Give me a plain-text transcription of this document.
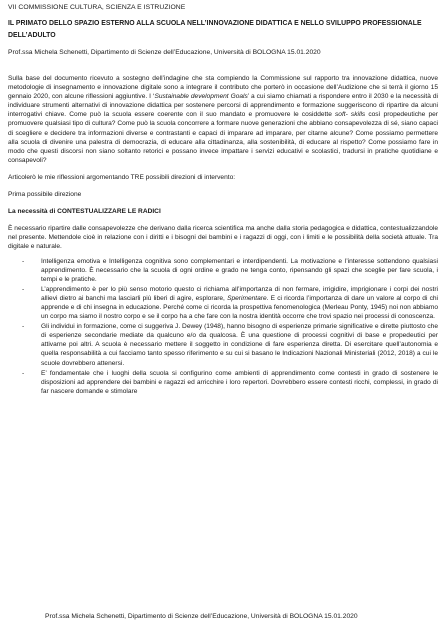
VII COMMISSIONE CULTURA, SCIENZA E ISTRUZIONE
IL PRIMATO DELLO SPAZIO ESTERNO ALLA SCUOLA NELL’INNOVAZIONE DIDATTICA E NELLO SVILUPPO PROFESSIONALE DELL’ADULTO
Prof.ssa Michela Schenetti, Dipartimento di Scienze dell’Educazione, Università di BOLOGNA 15.01.2020

Sulla base del documento ricevuto a sostegno dell’indagine che sta compiendo la Commissione sul rapporto tra innovazione didattica, nuove metodologie di insegnamento e innovazione digitale sono a integrare il contributo che porterò in occasione dell’Audizione che si terrà il giorno 15 gennaio 2020, con alcune riflessioni aggiuntive. I ‘Sustainable development Goals’ a cui siamo chiamati a rispondere entro il 2030 e la necessità di individuare strumenti alternativi di innovazione didattica per sostenere percorsi di apprendimento e formazione suggeriscono di ripartire da alcuni interrogativi chiave. Come può la scuola essere coerente con il suo mandato e promuovere le cosiddette soft- skills così propedeutiche per promuovere qualsiasi tipo di cultura? Come può la scuola concorrere a formare nuove generazioni che abbiano consapevolezza di sé, siano capaci di scegliere e decidere tra informazioni diverse e contrastanti e capaci di imparare ad imparare, per citarne alcune? Come possiamo permettere alla scuola di divenire una palestra di democrazia, di educare alla cittadinanza, alla sostenibilità, di educare al rispetto? Come possiamo fare in modo che questi discorsi non siano soltanto retorici e possano invece impattare i servizi educativi e scolastici, tradursi in pratiche quotidiane e consapevoli?

Articolerò le mie riflessioni argomentando TRE possibili direzioni di intervento:

Prima possibile direzione

La necessità di CONTESTUALIZZARE LE RADICI

È necessario ripartire dalle consapevolezze che derivano dalla ricerca scientifica ma anche dalla storia pedagogica e didattica, contestualizzandole nel presente. Mettendole cioè in relazione con i diritti e i bisogni dei bambini e i ragazzi di oggi, con i limiti e le possibilità della società attuale. Tra digitale e naturale.

-	Intelligenza emotiva e Intelligenza cognitiva sono complementari e interdipendenti. La motivazione e l’interesse sottendono qualsiasi apprendimento. È necessario che la scuola di ogni ordine e grado ne tenga conto, ripensando gli spazi che sceglie per fare scuola, i tempi e le pratiche.
-	L’apprendimento è per lo più senso motorio questo ci richiama all’importanza di non fermare, irrigidire, imprigionare i corpi dei nostri allievi dietro ai banchi ma lasciarli più liberi di agire, esplorare, Sperimentare. E ci ricorda l’importanza di dare un valore al corpo di chi apprende e di chi insegna in educazione. Perché come ci ricorda la prospettiva fenomenologica (Merleau Ponty, 1945) noi non abbiamo un corpo ma siamo il nostro corpo e se il corpo ha a che fare con la nostra identità occorre che trovi spazio nei processi di conoscenza.
-	Gli individui in formazione, come ci suggeriva J. Dewey (1948), hanno bisogno di esperienze primarie significative e dirette piuttosto che di esperienze secondarie mediate da qualcuno e/o da qualcosa. È una questione di processi cognitivi di base e propedeutici per attivarne poi altri. A scuola è necessario mettere il soggetto in condizione di fare esperienza diretta. Di esercitare quell’autonomia e quella responsabilità a cui facciamo tanto spesso riferimento e su cui si basano le Indicazioni Nazionali Ministeriali (2012, 2018) a cui le scuole dovrebbero attenersi.
-	E’ fondamentale che i luoghi della scuola si configurino come ambienti di apprendimento come contesti in grado di sostenere le disposizioni ad apprendere dei bambini e ragazzi ed arricchire i loro repertori. Dovrebbero essere contesti ricchi, complessi, in grado di far nascere domande e stimolare
Prof.ssa Michela Schenetti, Dipartimento di Scienze dell’Educazione, Università di BOLOGNA 15.01.2020
